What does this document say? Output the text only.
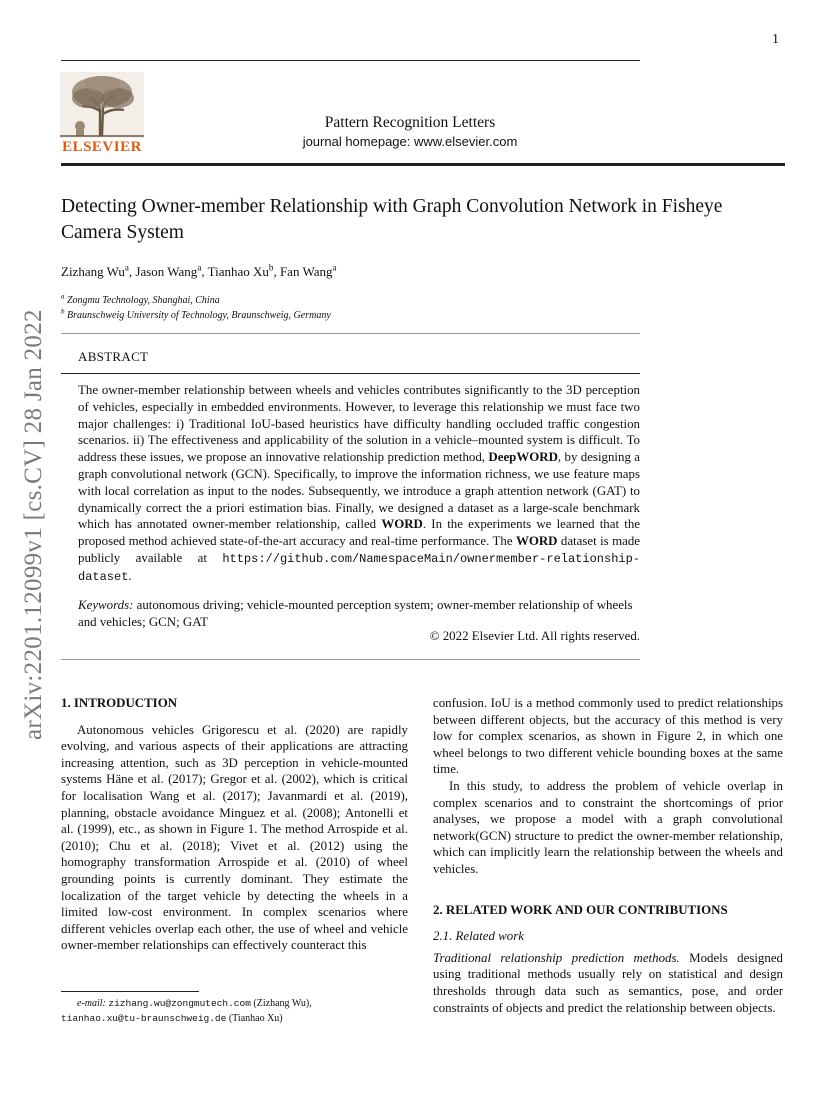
1
arXiv:2201.12099v1 [cs.CV] 28 Jan 2022
ELSEVIER
Pattern Recognition Letters
journal homepage: www.elsevier.com
Detecting Owner-member Relationship with Graph Convolution Network in Fisheye Camera System
Zizhang Wu$^a$, Jason Wang$^a$, Tianhao Xu$^b$, Fan Wang$^a$
$^a$ Zongmu Technology, Shanghai, China
$^b$ Braunschweig University of Technology, Braunschweig, Germany
ABSTRACT
The owner-member relationship between wheels and vehicles contributes significantly to the 3D perception of vehicles, especially in embedded environments. However, to leverage this relationship we must face two major challenges: i) Traditional IoU-based heuristics have difficulty handling occluded traffic congestion scenarios. ii) The effectiveness and applicability of the solution in a vehicle–mounted system is difficult. To address these issues, we propose an innovative relationship prediction method, DeepWORD, by designing a graph convolutional network (GCN). Specifically, to improve the information richness, we use feature maps with local correlation as input to the nodes. Subsequently, we introduce a graph attention network (GAT) to dynamically correct the a priori estimation bias. Finally, we designed a dataset as a large-scale benchmark which has annotated owner-member relationship, called WORD. In the experiments we learned that the proposed method achieved state-of-the-art accuracy and real-time performance. The WORD dataset is made publicly available at https://github.com/NamespaceMain/ownermember-relationship-dataset.
Keywords: autonomous driving; vehicle-mounted perception system; owner-member relationship of wheels and vehicles; GCN; GAT
© 2022 Elsevier Ltd. All rights reserved.
1. INTRODUCTION

Autonomous vehicles Grigorescu et al. (2020) are rapidly evolving, and various aspects of their applications are attracting increasing attention, such as 3D perception in vehicle-mounted systems Häne et al. (2017); Gregor et al. (2002), which is critical for localisation Wang et al. (2017); Javanmardi et al. (2019), planning, obstacle avoidance Minguez et al. (2008); Antonelli et al. (1999), etc., as shown in Figure 1. The method Arrospide et al. (2010); Chu et al. (2018); Vivet et al. (2012) using the homography transformation Arrospide et al. (2010) of wheel grounding points is currently dominant. They estimate the localization of the target vehicle by detecting the wheels in a limited low-cost environment. In complex scenarios where different vehicles overlap each other, the use of wheel and vehicle owner-member relationships can effectively counteract this

confusion. IoU is a method commonly used to predict relationships between different objects, but the accuracy of this method is very low for complex scenarios, as shown in Figure 2, in which one wheel belongs to two different vehicle bounding boxes at the same time.

In this study, to address the problem of vehicle overlap in complex scenarios and to constraint the shortcomings of prior analyses, we propose a model with a graph convolutional network(GCN) structure to predict the owner-member relationship, which can implicitly learn the relationship between the wheels and vehicles.

2. RELATED WORK AND OUR CONTRIBUTIONS
2.1. Related work

Traditional relationship prediction methods. Models designed using traditional methods usually rely on statistical and design thresholds through data such as semantics, pose, and order constraints of objects and predict the relationship between objects.

e-mail: zizhang.wu@zongmutech.com (Zizhang Wu),
tianhao.xu@tu-braunschweig.de (Tianhao Xu)
